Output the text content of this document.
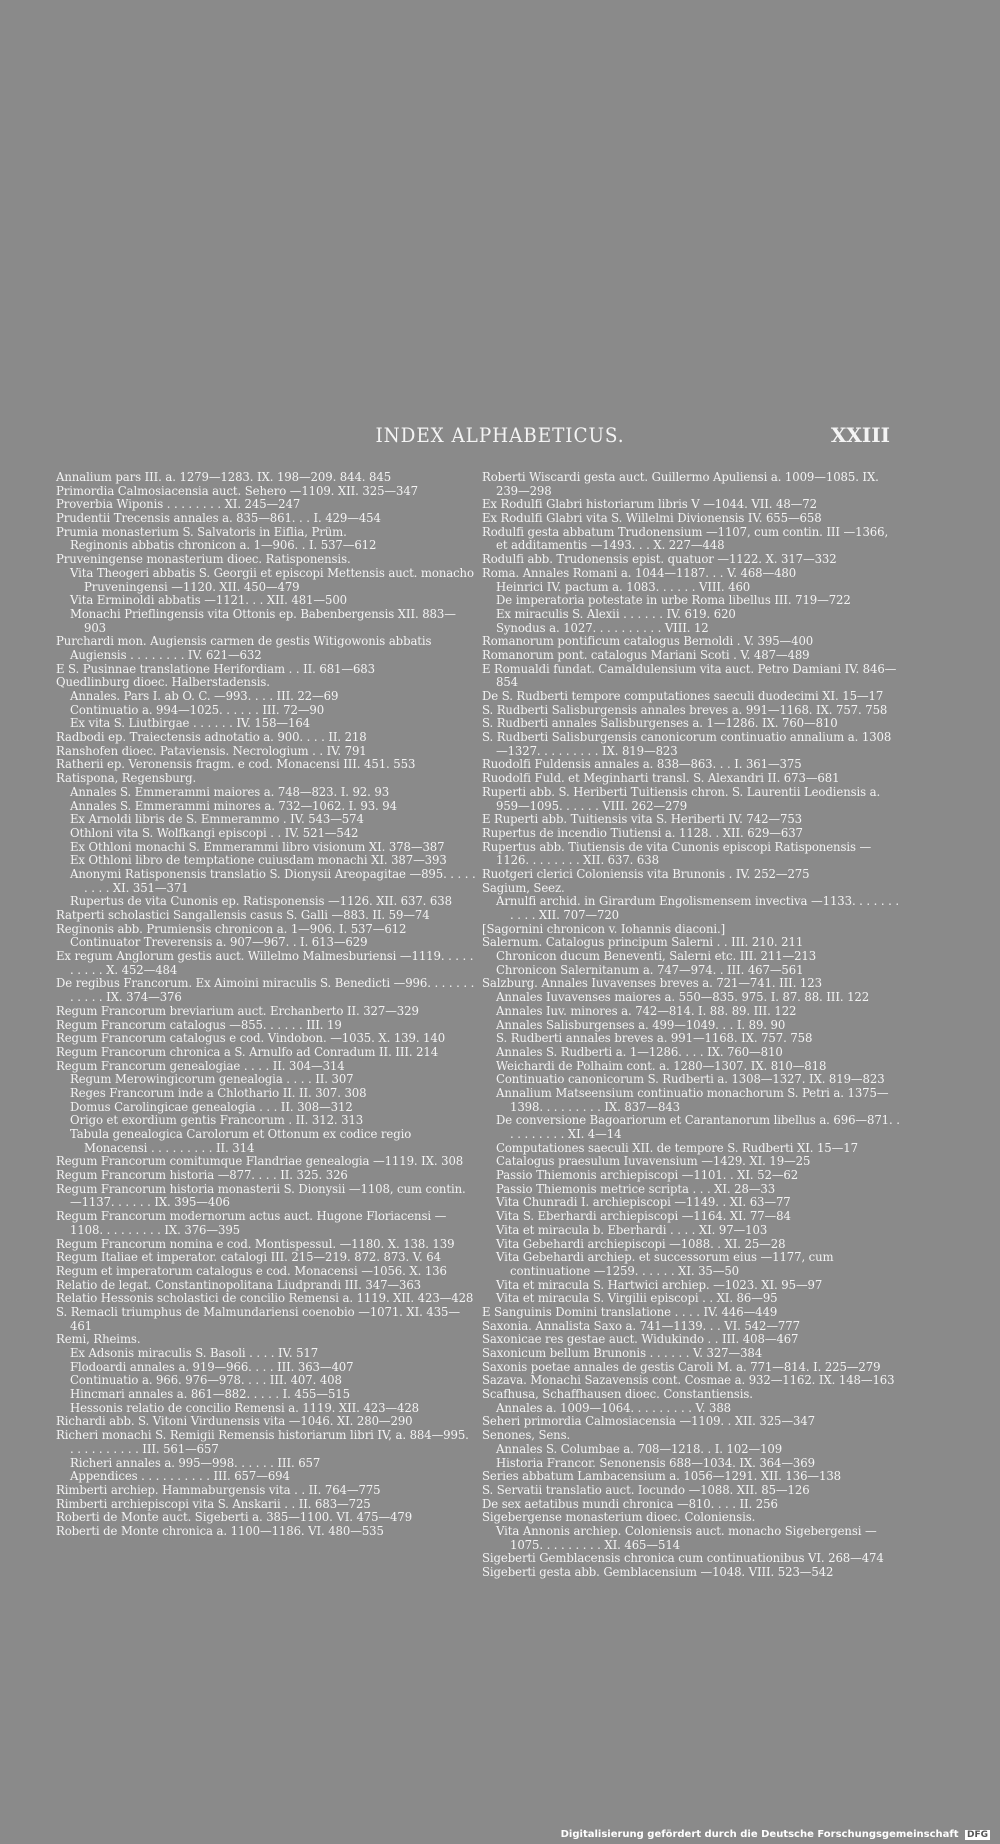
INDEX ALPHABETICUS.	XXIII
Annalium pars III. a. 1279—1283. IX. 198—209. 844. 845
Primordia Calmosiacensia auct. Sehero —1109. XII. 325—347
Proverbia Wiponis . . . . . . . . XI. 245—247
Prudentii Trecensis annales a. 835—861. . . I. 429—454
Prumia monasterium S. Salvatoris in Eiflia, Prüm.
Reginonis abbatis chronicon a. 1—906. . I. 537—612
Pruveningense monasterium dioec. Ratisponensis.
Vita Theogeri abbatis S. Georgii et episcopi Mettensis auct. monacho Pruveningensi —1120. XII. 450—479
Vita Erminoldi abbatis —1121. . . XII. 481—500
Monachi Prieflingensis vita Ottonis ep. Babenbergensis XII. 883—903
Purchardi mon. Augiensis carmen de gestis Witigowonis abbatis Augiensis . . . . . . . . IV. 621—632
E S. Pusinnae translatione Herifordiam . . II. 681—683
Quedlinburg dioec. Halberstadensis.
Annales. Pars I. ab O. C. —993. . . . III. 22—69
Continuatio a. 994—1025. . . . . . III. 72—90
Ex vita S. Liutbirgae . . . . . . IV. 158—164
Radbodi ep. Traiectensis adnotatio a. 900. . . . II. 218
Ranshofen dioec. Pataviensis. Necrologium . . IV. 791
Ratherii ep. Veronensis fragm. e cod. Monacensi III. 451. 553
Ratispona, Regensburg.
Annales S. Emmerammi maiores a. 748—823. I. 92. 93
Annales S. Emmerammi minores a. 732—1062. I. 93. 94
Ex Arnoldi libris de S. Emmerammo . IV. 543—574
Othloni vita S. Wolfkangi episcopi . . IV. 521—542
Ex Othloni monachi S. Emmerammi libro visionum XI. 378—387
Ex Othloni libro de temptatione cuiusdam monachi XI. 387—393
Anonymi Ratisponensis translatio S. Dionysii Areopagitae —895. . . . . . . . . XI. 351—371
Rupertus de vita Cunonis ep. Ratisponensis —1126. XII. 637. 638
Ratperti scholastici Sangallensis casus S. Galli —883. II. 59—74
Reginonis abb. Prumiensis chronicon a. 1—906. I. 537—612
Continuator Treverensis a. 907—967. . I. 613—629
Ex regum Anglorum gestis auct. Willelmo Malmesburiensi —1119. . . . . . . . . . X. 452—484
De regibus Francorum. Ex Aimoini miraculis S. Benedicti —996. . . . . . . . . . . . IX. 374—376
Regum Francorum breviarium auct. Erchanberto II. 327—329
Regum Francorum catalogus —855. . . . . . III. 19
Regum Francorum catalogus e cod. Vindobon. —1035. X. 139. 140
Regum Francorum chronica a S. Arnulfo ad Conradum II. III. 214
Regum Francorum genealogiae . . . . II. 304—314
Regum Merowingicorum genealogia . . . . II. 307
Reges Francorum inde a Chlothario II. II. 307. 308
Domus Carolingicae genealogia . . . II. 308—312
Origo et exordium gentis Francorum . II. 312. 313
Tabula genealogica Carolorum et Ottonum ex codice regio Monacensi . . . . . . . . . II. 314
Regum Francorum comitumque Flandriae genealogia —1119. IX. 308
Regum Francorum historia —877. . . . II. 325. 326
Regum Francorum historia monasterii S. Dionysii —1108, cum contin. —1137. . . . . . IX. 395—406
Regum Francorum modernorum actus auct. Hugone Floriacensi —1108. . . . . . . . . IX. 376—395
Regum Francorum nomina e cod. Montispessul. —1180. X. 138. 139
Regum Italiae et imperator. catalogi III. 215—219. 872. 873. V. 64
Regum et imperatorum catalogus e cod. Monacensi —1056. X. 136
Relatio de legat. Constantinopolitana Liudprandi III. 347—363
Relatio Hessonis scholastici de concilio Remensi a. 1119. XII. 423—428
S. Remacli triumphus de Malmundariensi coenobio —1071. XI. 435—461
Remi, Rheims.
Ex Adsonis miraculis S. Basoli . . . . IV. 517
Flodoardi annales a. 919—966. . . . III. 363—407
Continuatio a. 966. 976—978. . . . III. 407. 408
Hincmari annales a. 861—882. . . . . I. 455—515
Hessonis relatio de concilio Remensi a. 1119. XII. 423—428
Richardi abb. S. Vitoni Virdunensis vita —1046. XI. 280—290
Richeri monachi S. Remigii Remensis historiarum libri IV, a. 884—995. . . . . . . . . . . III. 561—657
Richeri annales a. 995—998. . . . . . III. 657
Appendices . . . . . . . . . . III. 657—694
Rimberti archiep. Hammaburgensis vita . . II. 764—775
Rimberti archiepiscopi vita S. Anskarii . . II. 683—725
Roberti de Monte auct. Sigeberti a. 385—1100. VI. 475—479
Roberti de Monte chronica a. 1100—1186. VI. 480—535
Roberti Wiscardi gesta auct. Guillermo Apuliensi a. 1009—1085. IX. 239—298
Ex Rodulfi Glabri historiarum libris V —1044. VII. 48—72
Ex Rodulfi Glabri vita S. Willelmi Divionensis IV. 655—658
Rodulfi gesta abbatum Trudonensium —1107, cum contin. III —1366, et additamentis —1493. . . X. 227—448
Rodulfi abb. Trudonensis epist. quatuor —1122. X. 317—332
Roma. Annales Romani a. 1044—1187. . . V. 468—480
Heinrici IV. pactum a. 1083. . . . . . VIII. 460
De imperatoria potestate in urbe Roma libellus III. 719—722
Ex miraculis S. Alexii . . . . . . IV. 619. 620
Synodus a. 1027. . . . . . . . . . VIII. 12
Romanorum pontificum catalogus Bernoldi . V. 395—400
Romanorum pont. catalogus Mariani Scoti . V. 487—489
E Romualdi fundat. Camaldulensium vita auct. Petro Damiani IV. 846—854
De S. Rudberti tempore computationes saeculi duodecimi XI. 15—17
S. Rudberti Salisburgensis annales breves a. 991—1168. IX. 757. 758
S. Rudberti annales Salisburgenses a. 1—1286. IX. 760—810
S. Rudberti Salisburgensis canonicorum continuatio annalium a. 1308—1327. . . . . . . . . IX. 819—823
Ruodolfi Fuldensis annales a. 838—863. . . I. 361—375
Ruodolfi Fuld. et Meginharti transl. S. Alexandri II. 673—681
Ruperti abb. S. Heriberti Tuitiensis chron. S. Laurentii Leodiensis a. 959—1095. . . . . . VIII. 262—279
E Ruperti abb. Tuitiensis vita S. Heriberti IV. 742—753
Rupertus de incendio Tiutiensi a. 1128. . XII. 629—637
Rupertus abb. Tiutiensis de vita Cunonis episcopi Ratisponensis —1126. . . . . . . . XII. 637. 638
Ruotgeri clerici Coloniensis vita Brunonis . IV. 252—275
Sagium, Seez.
Arnulfi archid. in Girardum Engolismensem invectiva —1133. . . . . . . . . . . XII. 707—720
[Sagornini chronicon v. Iohannis diaconi.]
Salernum. Catalogus principum Salerni . . III. 210. 211
Chronicon ducum Beneventi, Salerni etc. III. 211—213
Chronicon Salernitanum a. 747—974. . III. 467—561
Salzburg. Annales Iuvavenses breves a. 721—741. III. 123
Annales Iuvavenses maiores a. 550—835. 975. I. 87. 88. III. 122
Annales Iuv. minores a. 742—814. I. 88. 89. III. 122
Annales Salisburgenses a. 499—1049. . . I. 89. 90
S. Rudberti annales breves a. 991—1168. IX. 757. 758
Annales S. Rudberti a. 1—1286. . . . IX. 760—810
Weichardi de Polhaim cont. a. 1280—1307. IX. 810—818
Continuatio canonicorum S. Rudberti a. 1308—1327. IX. 819—823
Annalium Matseensium continuatio monachorum S. Petri a. 1375—1398. . . . . . . . . IX. 837—843
De conversione Bagoariorum et Carantanorum libellus a. 696—871. . . . . . . . . . XI. 4—14
Computationes saeculi XII. de tempore S. Rudberti XI. 15—17
Catalogus praesulum Iuvavensium —1429. XI. 19—25
Passio Thiemonis archiepiscopi —1101. . XI. 52—62
Passio Thiemonis metrice scripta . . . XI. 28—33
Vita Chunradi I. archiepiscopi —1149. . XI. 63—77
Vita S. Eberhardi archiepiscopi —1164. XI. 77—84
Vita et miracula b. Eberhardi . . . . XI. 97—103
Vita Gebehardi archiepiscopi —1088. . XI. 25—28
Vita Gebehardi archiep. et successorum eius —1177, cum continuatione —1259. . . . . . XI. 35—50
Vita et miracula S. Hartwici archiep. —1023. XI. 95—97
Vita et miracula S. Virgilii episcopi . . XI. 86—95
E Sanguinis Domini translatione . . . . IV. 446—449
Saxonia. Annalista Saxo a. 741—1139. . . VI. 542—777
Saxonicae res gestae auct. Widukindo . . III. 408—467
Saxonicum bellum Brunonis . . . . . . V. 327—384
Saxonis poetae annales de gestis Caroli M. a. 771—814. I. 225—279
Sazava. Monachi Sazavensis cont. Cosmae a. 932—1162. IX. 148—163
Scafhusa, Schaffhausen dioec. Constantiensis.
Annales a. 1009—1064. . . . . . . . . V. 388
Seheri primordia Calmosiacensia —1109. . XII. 325—347
Senones, Sens.
Annales S. Columbae a. 708—1218. . I. 102—109
Historia Francor. Senonensis 688—1034. IX. 364—369
Series abbatum Lambacensium a. 1056—1291. XII. 136—138
S. Servatii translatio auct. Iocundo —1088. XII. 85—126
De sex aetatibus mundi chronica —810. . . . II. 256
Sigebergense monasterium dioec. Coloniensis.
Vita Annonis archiep. Coloniensis auct. monacho Sigebergensi —1075. . . . . . . . . XI. 465—514
Sigeberti Gemblacensis chronica cum continuationibus VI. 268—474
Sigeberti gesta abb. Gemblacensium —1048. VIII. 523—542
Digitalisierung gefördert durch die Deutsche Forschungsgemeinschaft DFG
